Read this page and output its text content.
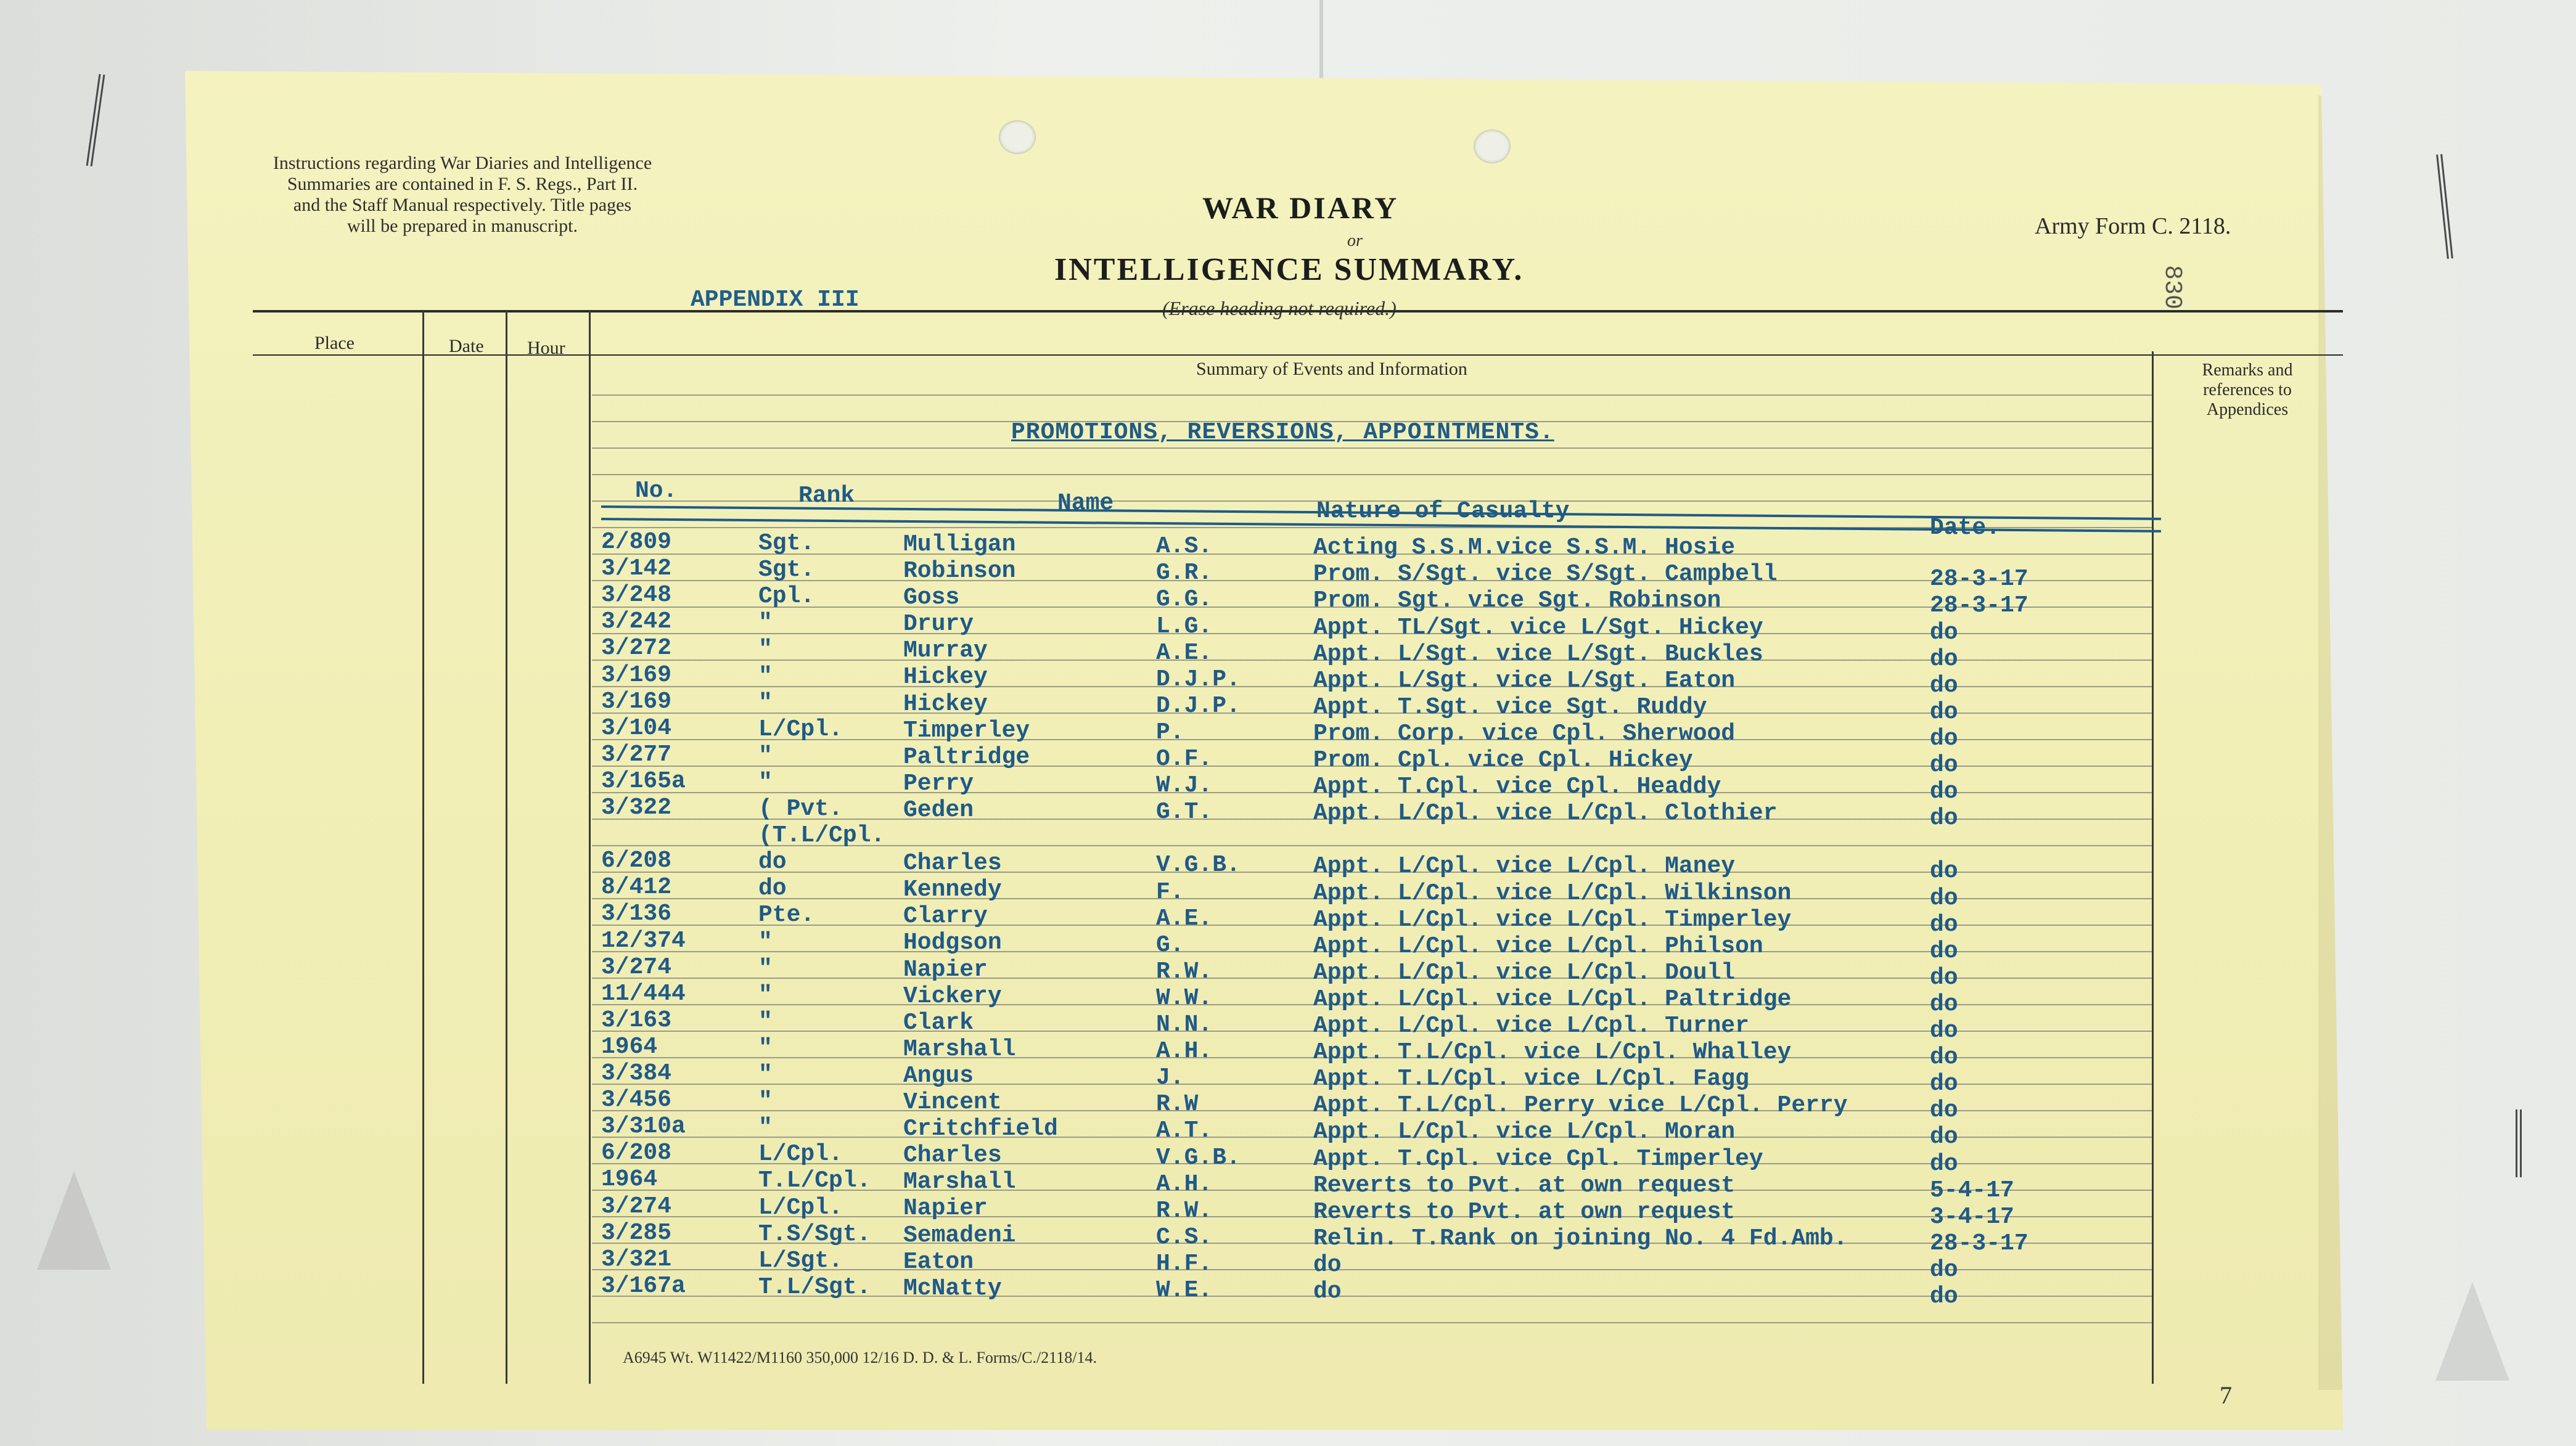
Instructions regarding War Diaries and Intelligence
Summaries are contained in F. S. Regs., Part II.
and the Staff Manual respectively. Title pages
will be prepared in manuscript.
APPENDIX III
WAR DIARY
or
INTELLIGENCE SUMMARY.
(Erase heading not required.)
Army Form C. 2118.
830
Place	Date Hour
Summary of Events and Information	Remarks and
references to
Appendices
PROMOTIONS, REVERSIONS, APPOINTMENTS.
No.	Rank	Name	Nature of Casualty
Date.
2/809	Sgt.	Mulligan	A.S.	Acting S.S.M.vice S.S.M. Hosie
3/142	Sgt.	Robinson	G.R.	Prom. S/Sgt. vice S/Sgt. Campbell	28-3-17
3/248	Cpl.	Goss	G.G.	Prom. Sgt. vice Sgt. Robinson	28-3-17
3/242	"	Drury	L.G.	Appt. TL/Sgt. vice L/Sgt. Hickey	do
3/272	"	Murray	A.E.	Appt. L/Sgt. vice L/Sgt. Buckles	do
3/169	"	Hickey	D.J.P.	Appt. L/Sgt. vice L/Sgt. Eaton	do
3/169	"	Hickey	D.J.P.	Appt. T.Sgt. vice Sgt. Ruddy	do
3/104	L/Cpl.	Timperley	P.	Prom. Corp. vice Cpl. Sherwood	do
3/277	"	Paltridge	O.F.	Prom. Cpl. vice Cpl. Hickey	do
3/165a	"	Perry	W.J.	Appt. T.Cpl. vice Cpl. Headdy	do
3/322	( Pvt.	Geden	G.T.	Appt. L/Cpl. vice L/Cpl. Clothier	do
(T.L/Cpl.
6/208	do	Charles	V.G.B.	Appt. L/Cpl. vice L/Cpl. Maney	do
8/412	do	Kennedy	F.	Appt. L/Cpl. vice L/Cpl. Wilkinson	do
3/136	Pte.	Clarry	A.E.	Appt. L/Cpl. vice L/Cpl. Timperley	do
12/374	"	Hodgson	G.	Appt. L/Cpl. vice L/Cpl. Philson	do
3/274	"	Napier	R.W.	Appt. L/Cpl. vice L/Cpl. Doull	do
11/444	"	Vickery	W.W.	Appt. L/Cpl. vice L/Cpl. Paltridge	do
3/163	"	Clark	N.N.	Appt. L/Cpl. vice L/Cpl. Turner	do
1964	"	Marshall	A.H.	Appt. T.L/Cpl. vice L/Cpl. Whalley	do
3/384	"	Angus	J.	Appt. T.L/Cpl. vice L/Cpl. Fagg	do
3/456	"	Vincent	R.W	Appt. T.L/Cpl. Perry vice L/Cpl. Perry	do
3/310a	"	Critchfield	A.T.	Appt. L/Cpl. vice L/Cpl. Moran	do
6/208	L/Cpl.	Charles	V.G.B.	Appt. T.Cpl. vice Cpl. Timperley	do
1964	T.L/Cpl. Marshall	A.H.	Reverts to Pvt. at own request	5-4-17
3/274	L/Cpl.	Napier	R.W.	Reverts to Pvt. at own request	3-4-17
3/285	T.S/Sgt. Semadeni	C.S.	Relin. T.Rank on joining No. 4 Fd.Amb.	28-3-17
3/321	L/Sgt.	Eaton	H.F.	do	do
3/167a	T.L/Sgt. McNatty	W.E.	do	do
A6945 Wt. W11422/M1160 350,000 12/16 D. D. & L. Forms/C./2118/14.
7
